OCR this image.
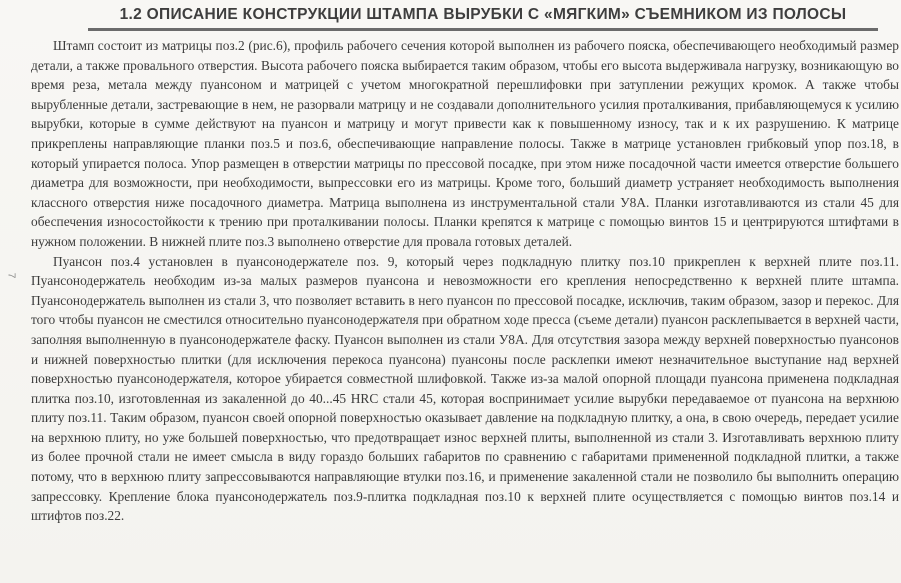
1.2 ОПИСАНИЕ КОНСТРУКЦИИ ШТАМПА ВЫРУБКИ С «МЯГКИМ» СЪЕМНИКОМ ИЗ ПОЛОСЫ
7

Штамп состоит из матрицы поз.2 (рис.6), профиль рабочего сечения которой выполнен из рабочего пояска, обеспечивающего необходимый размер детали, а также провального отверстия. Высота рабочего пояска выбирается таким образом, чтобы его высота выдерживала нагрузку, возникающую во время реза, метала между пуансоном и матрицей с учетом многократной перешлифовки при затуплении режущих кромок. А также чтобы вырубленные детали, застревающие в нем, не разорвали матрицу и не создавали дополнительного усилия проталкивания, прибавляющемуся к усилию вырубки, которые в сумме действуют на пуансон и матрицу и могут привести как к повышенному износу, так и к их разрушению. К матрице прикреплены направляющие планки поз.5 и поз.6, обеспечивающие направление полосы. Также в матрице установлен грибковый упор поз.18, в который упирается полоса. Упор размещен в отверстии матрицы по прессовой посадке, при этом ниже посадочной части имеется отверстие большего диаметра для возможности, при необходимости, выпрессовки его из матрицы. Кроме того, больший диаметр устраняет необходимость выполнения классного отверстия ниже посадочного диаметра. Матрица выполнена из инструментальной стали У8А. Планки изготавливаются из стали 45 для обеспечения износостойкости к трению при проталкивании полосы. Планки крепятся к матрице с помощью винтов 15 и центрируются штифтами в нужном положении. В нижней плите поз.3 выполнено отверстие для провала готовых деталей.

Пуансон поз.4 установлен в пуансонодержателе поз. 9, который через подкладную плитку поз.10 прикреплен к верхней плите поз.11. Пуансонодержатель необходим из-за малых размеров пуансона и невозможности его крепления непосредственно к верхней плите штампа. Пуансонодержатель выполнен из стали 3, что позволяет вставить в него пуансон по прессовой посадке, исключив, таким образом, зазор и перекос. Для того чтобы пуансон не сместился относительно пуансонодержателя при обратном ходе пресса (съеме детали) пуансон расклепывается в верхней части, заполняя выполненную в пуансонодержателе фаску. Пуансон выполнен из стали У8А. Для отсутствия зазора между верхней поверхностью пуансонов и нижней поверхностью плитки (для исключения перекоса пуансона) пуансоны после расклепки имеют незначительное выступание над верхней поверхностью пуансонодержателя, которое убирается совместной шлифовкой. Также из-за малой опорной площади пуансона применена подкладная плитка поз.10, изготовленная из закаленной до 40...45 HRC стали 45, которая воспринимает усилие вырубки передаваемое от пуансона на верхнюю плиту поз.11. Таким образом, пуансон своей опорной поверхностью оказывает давление на подкладную плитку, а она, в свою очередь, передает усилие на верхнюю плиту, но уже большей поверхностью, что предотвращает износ верхней плиты, выполненной из стали 3. Изготавливать верхнюю плиту из более прочной стали не имеет смысла в виду гораздо больших габаритов по сравнению с габаритами примененной подкладной плитки, а также потому, что в верхнюю плиту запрессовываются направляющие втулки поз.16, и применение закаленной стали не позволило бы выполнить операцию запрессовку. Крепление блока пуансонодержатель поз.9-плитка подкладная поз.10 к верхней плите осуществляется с помощью винтов поз.14 и штифтов поз.22.
